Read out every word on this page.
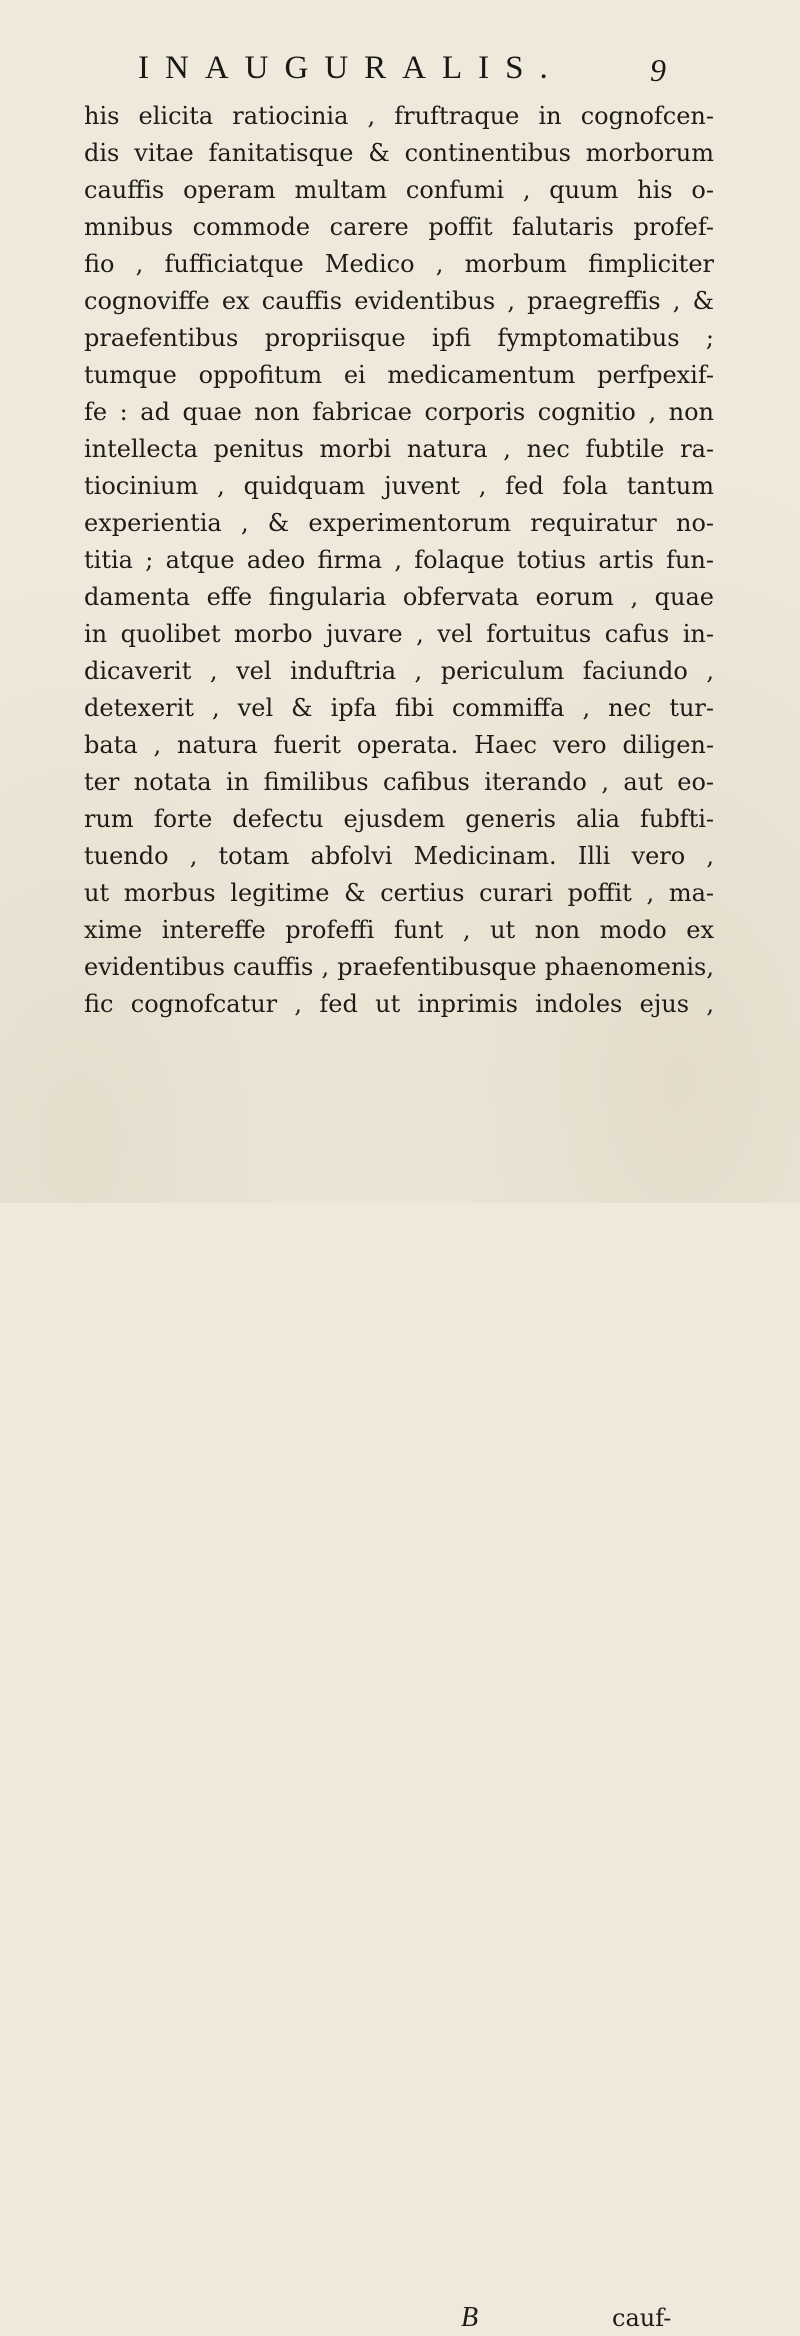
INAUGURALIS.	9
his elicita ratiocinia , fruftraque in cognofcen-
dis vitae fanitatisque & continentibus morborum
cauffis operam multam confumi , quum his o-
mnibus commode carere poffit falutaris profef-
fio , fufficiatque Medico , morbum fimpliciter
cognoviffe ex cauffis evidentibus , praegreffis , &
praefentibus propriisque ipfi fymptomatibus ;
tumque oppofitum ei medicamentum perfpexif-
fe : ad quae non fabricae corporis cognitio , non
intellecta penitus morbi natura , nec fubtile ra-
tiocinium , quidquam juvent , fed fola tantum
experientia , & experimentorum requiratur no-
titia ; atque adeo firma , folaque totius artis fun-
damenta effe fingularia obfervata eorum , quae
in quolibet morbo juvare , vel fortuitus cafus in-
dicaverit , vel induftria , periculum faciundo ,
detexerit , vel & ipfa fibi commiffa , nec tur-
bata , natura fuerit operata. Haec vero diligen-
ter notata in fimilibus cafibus iterando , aut eo-
rum forte defectu ejusdem generis alia fubfti-
tuendo , totam abfolvi Medicinam. Illi vero ,
ut morbus legitime & certius curari poffit , ma-
xime intereffe profeffi funt , ut non modo ex
evidentibus cauffis , praefentibusque phaenomenis,
fic cognofcatur , fed ut inprimis indoles ejus ,
B	cauf-
